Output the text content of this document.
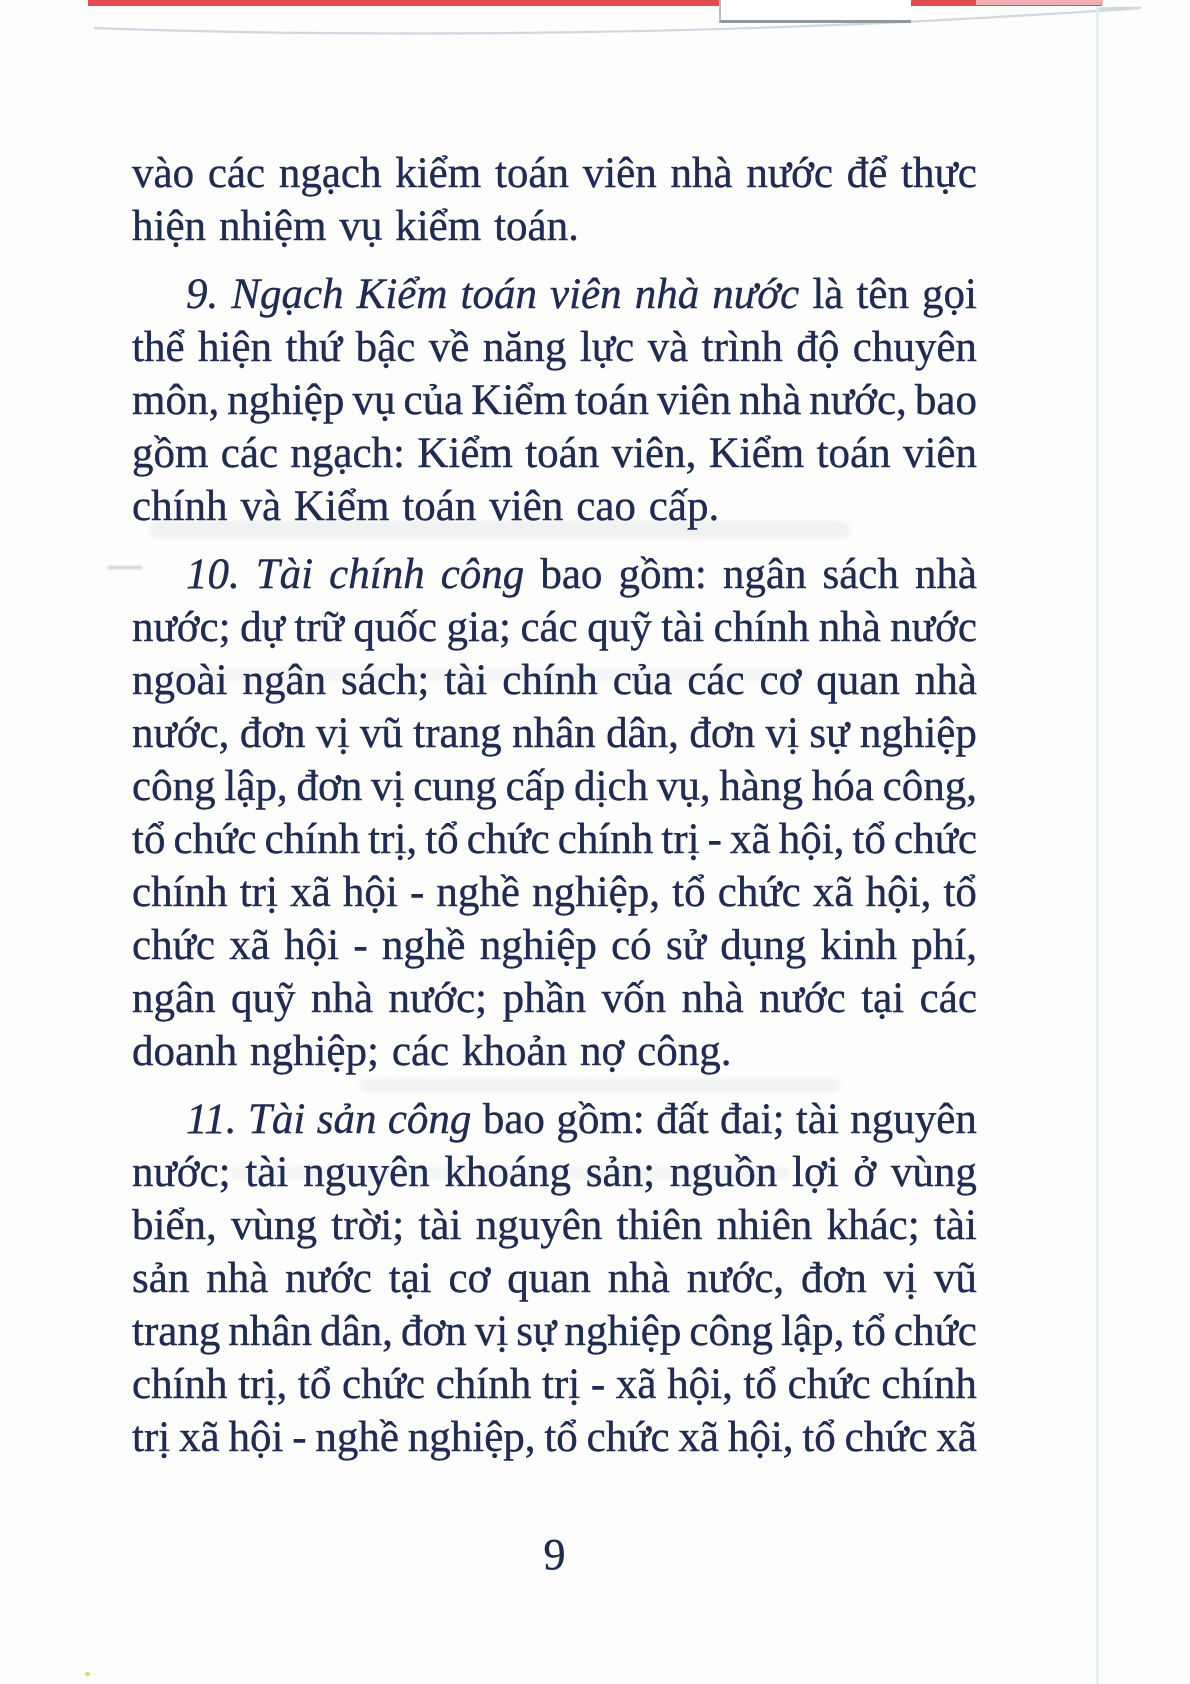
vào các ngạch kiểm toán viên nhà nước để thực
hiện nhiệm vụ kiểm toán.
9. Ngạch Kiểm toán viên nhà nước là tên gọi
thể hiện thứ bậc về năng lực và trình độ chuyên
môn, nghiệp vụ của Kiểm toán viên nhà nước, bao
gồm các ngạch: Kiểm toán viên, Kiểm toán viên
chính và Kiểm toán viên cao cấp.
10. Tài chính công bao gồm: ngân sách nhà
nước; dự trữ quốc gia; các quỹ tài chính nhà nước
ngoài ngân sách; tài chính của các cơ quan nhà
nước, đơn vị vũ trang nhân dân, đơn vị sự nghiệp
công lập, đơn vị cung cấp dịch vụ, hàng hóa công,
tổ chức chính trị, tổ chức chính trị - xã hội, tổ chức
chính trị xã hội - nghề nghiệp, tổ chức xã hội, tổ
chức xã hội - nghề nghiệp có sử dụng kinh phí,
ngân quỹ nhà nước; phần vốn nhà nước tại các
doanh nghiệp; các khoản nợ công.
11. Tài sản công bao gồm: đất đai; tài nguyên
nước; tài nguyên khoáng sản; nguồn lợi ở vùng
biển, vùng trời; tài nguyên thiên nhiên khác; tài
sản nhà nước tại cơ quan nhà nước, đơn vị vũ
trang nhân dân, đơn vị sự nghiệp công lập, tổ chức
chính trị, tổ chức chính trị - xã hội, tổ chức chính
trị xã hội - nghề nghiệp, tổ chức xã hội, tổ chức xã
9
